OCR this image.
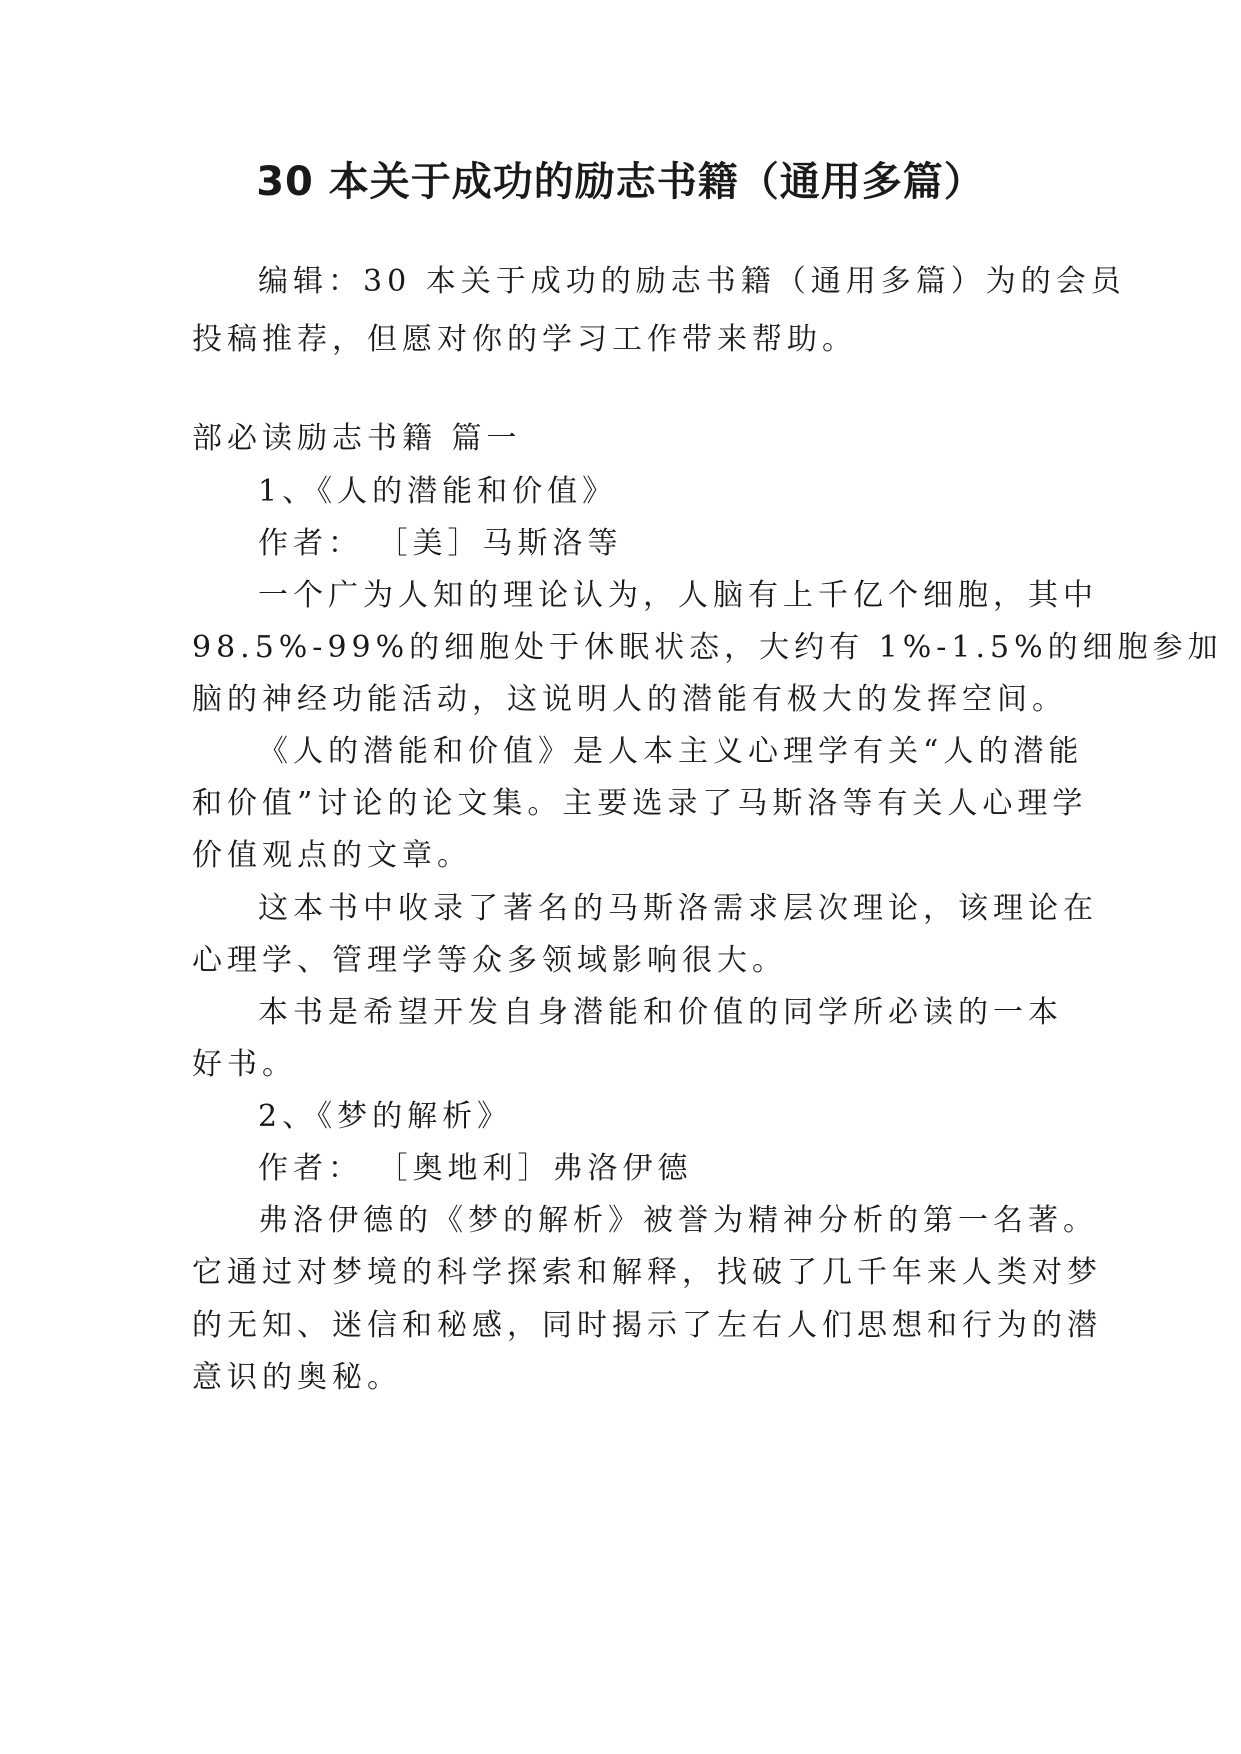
30 本关于成功的励志书籍（通用多篇）

编辑：30 本关于成功的励志书籍（通用多篇）为的会员

投稿推荐，但愿对你的学习工作带来帮助。

部必读励志书籍 篇一

1、《人的潜能和价值》

作者： ［美］马斯洛等

一个广为人知的理论认为，人脑有上千亿个细胞，其中

98.5%-99%的细胞处于休眠状态，大约有 1%-1.5%的细胞参加

脑的神经功能活动，这说明人的潜能有极大的发挥空间。

《人的潜能和价值》是人本主义心理学有关“人的潜能

和价值”讨论的论文集。主要选录了马斯洛等有关人心理学

价值观点的文章。

这本书中收录了著名的马斯洛需求层次理论，该理论在

心理学、管理学等众多领域影响很大。

本书是希望开发自身潜能和价值的同学所必读的一本

好书。

2、《梦的解析》

作者： ［奥地利］弗洛伊德

弗洛伊德的《梦的解析》被誉为精神分析的第一名著。

它通过对梦境的科学探索和解释，找破了几千年来人类对梦

的无知、迷信和秘感，同时揭示了左右人们思想和行为的潜

意识的奥秘。
